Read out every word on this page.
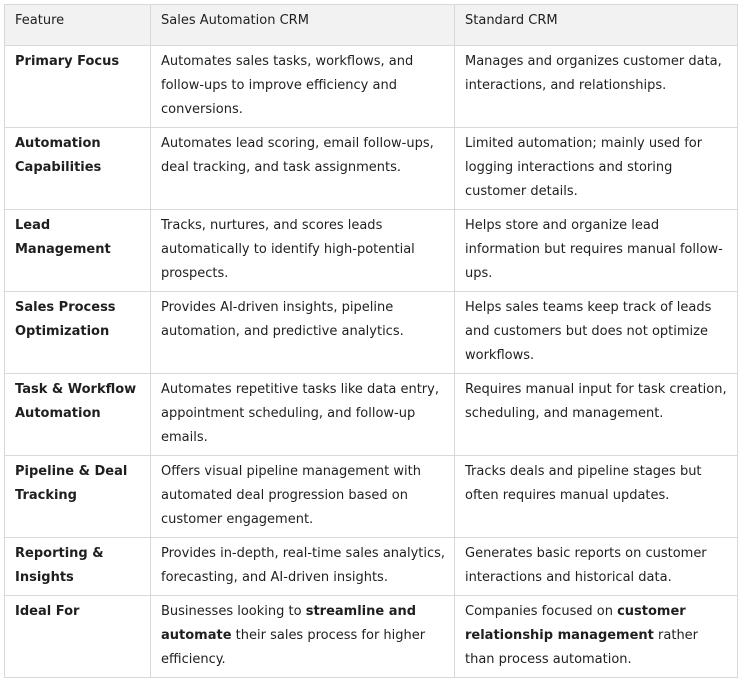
Feature	Sales Automation CRM	Standard CRM
Primary Focus	Automates sales tasks, workflows, and follow-ups to improve efficiency and conversions.	Manages and organizes customer data, interactions, and relationships.
Automation Capabilities	Automates lead scoring, email follow-ups, deal tracking, and task assignments.	Limited automation; mainly used for logging interactions and storing customer details.
Lead Management	Tracks, nurtures, and scores leads automatically to identify high-potential prospects.	Helps store and organize lead information but requires manual follow-ups.
Sales Process Optimization	Provides AI-driven insights, pipeline automation, and predictive analytics.	Helps sales teams keep track of leads and customers but does not optimize workflows.
Task & Workflow Automation	Automates repetitive tasks like data entry, appointment scheduling, and follow-up emails.	Requires manual input for task creation, scheduling, and management.
Pipeline & Deal Tracking	Offers visual pipeline management with automated deal progression based on customer engagement.	Tracks deals and pipeline stages but often requires manual updates.
Reporting & Insights	Provides in-depth, real-time sales analytics, forecasting, and AI-driven insights.	Generates basic reports on customer interactions and historical data.
Ideal For	Businesses looking to streamline and automate their sales process for higher efficiency.	Companies focused on customer relationship management rather than process automation.
